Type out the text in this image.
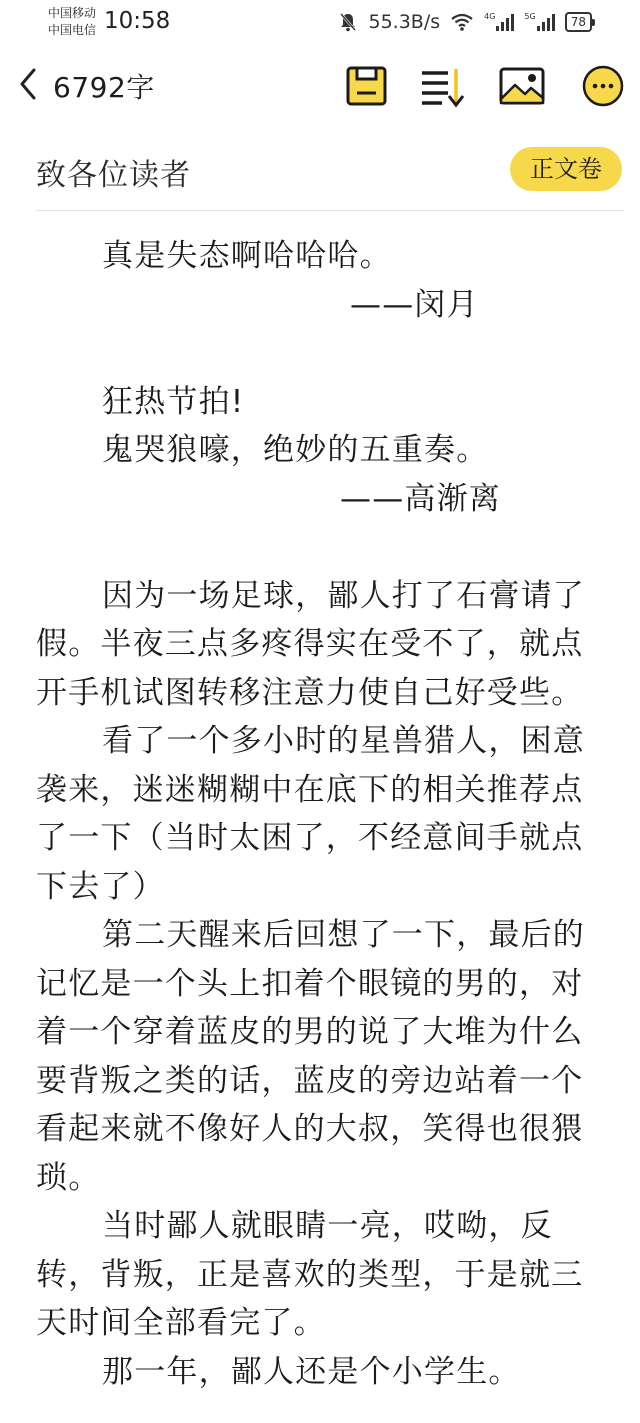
中国移动
中国电信 10:58	55.3B/s	4G	5G	78
6792字
致各位读者	正文卷
真是失态啊哈哈哈。
——闵月
狂热节拍!
鬼哭狼嚎，绝妙的五重奏。
——高渐离
因为一场足球，鄙人打了石膏请了
假。半夜三点多疼得实在受不了，就点
开手机试图转移注意力使自己好受些。
看了一个多小时的星兽猎人，困意
袭来，迷迷糊糊中在底下的相关推荐点
了一下（当时太困了，不经意间手就点
下去了）
第二天醒来后回想了一下，最后的
记忆是一个头上扣着个眼镜的男的，对
着一个穿着蓝皮的男的说了大堆为什么
要背叛之类的话，蓝皮的旁边站着一个
看起来就不像好人的大叔，笑得也很猥
琐。
当时鄙人就眼睛一亮，哎呦，反
转，背叛，正是喜欢的类型，于是就三
天时间全部看完了。
那一年，鄙人还是个小学生。
